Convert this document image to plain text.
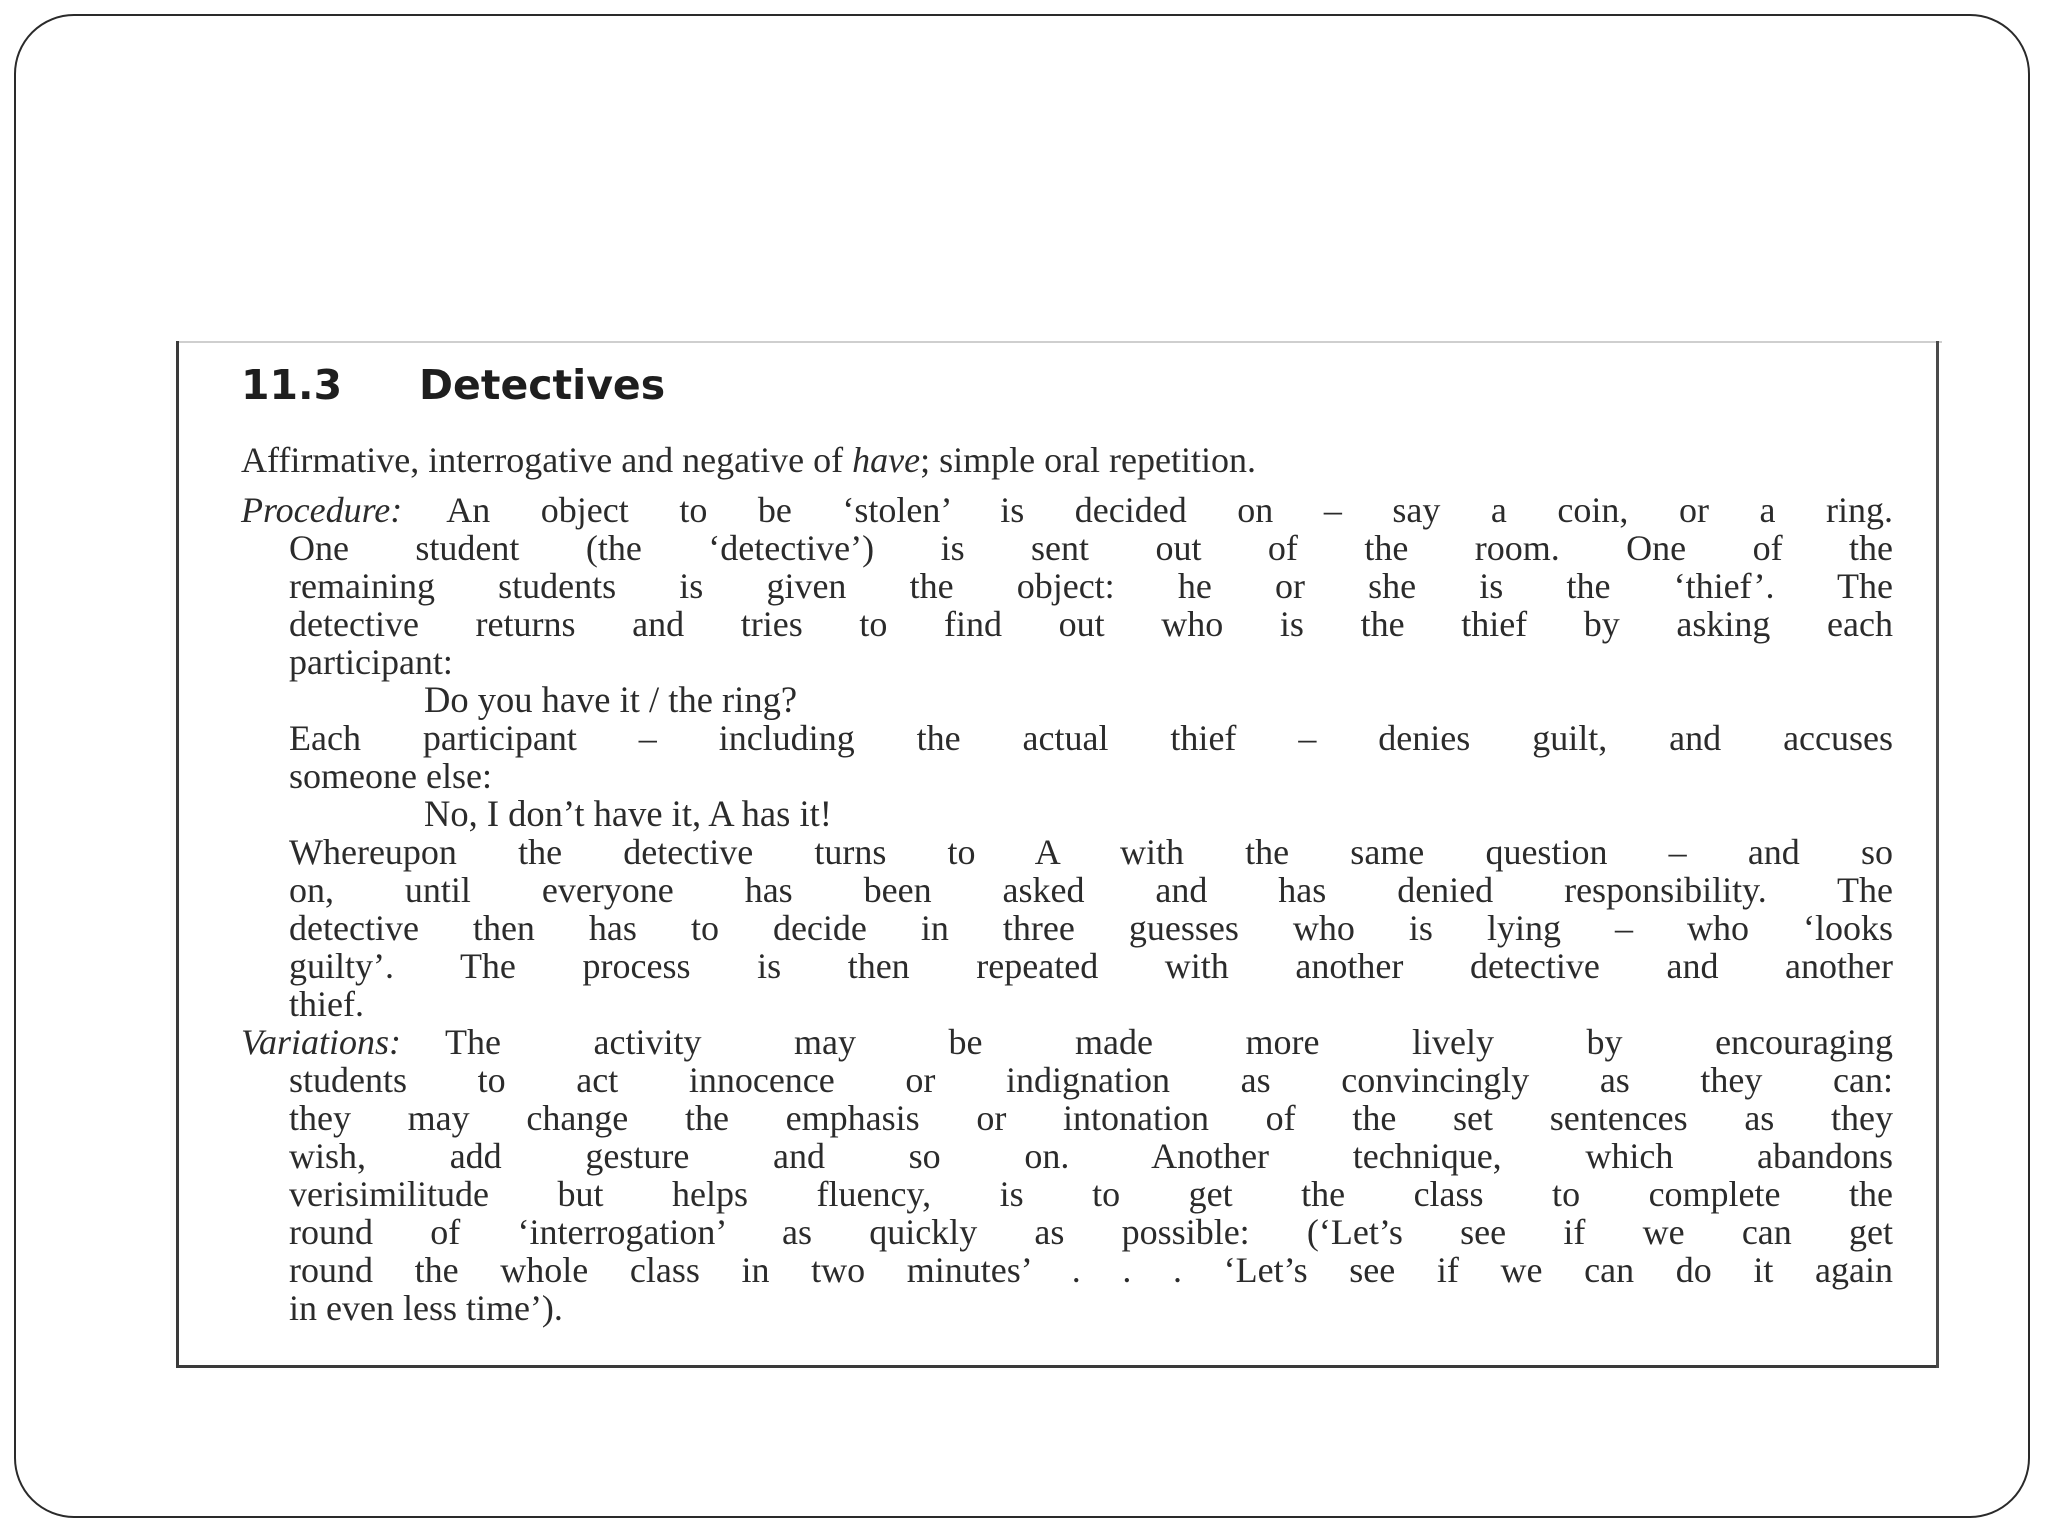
11.3 Detectives
Affirmative, interrogative and negative of have; simple oral repetition.
Procedure: An object to be ‘stolen’ is decided on – say a coin, or a ring.
One student (the ‘detective’) is sent out of the room. One of the
remaining students is given the object: he or she is the ‘thief’. The
detective returns and tries to find out who is the thief by asking each
participant:
Do you have it / the ring?
Each participant – including the actual thief – denies guilt, and accuses
someone else:
No, I don’t have it, A has it!
Whereupon the detective turns to A with the same question – and so
on, until everyone has been asked and has denied responsibility. The
detective then has to decide in three guesses who is lying – who ‘looks
guilty’. The process is then repeated with another detective and another
thief.
Variations: The activity may be made more lively by encouraging
students to act innocence or indignation as convincingly as they can:
they may change the emphasis or intonation of the set sentences as they
wish, add gesture and so on. Another technique, which abandons
verisimilitude but helps fluency, is to get the class to complete the
round of ‘interrogation’ as quickly as possible: (‘Let’s see if we can get
round the whole class in two minutes’ . . . ‘Let’s see if we can do it again
in even less time’).
